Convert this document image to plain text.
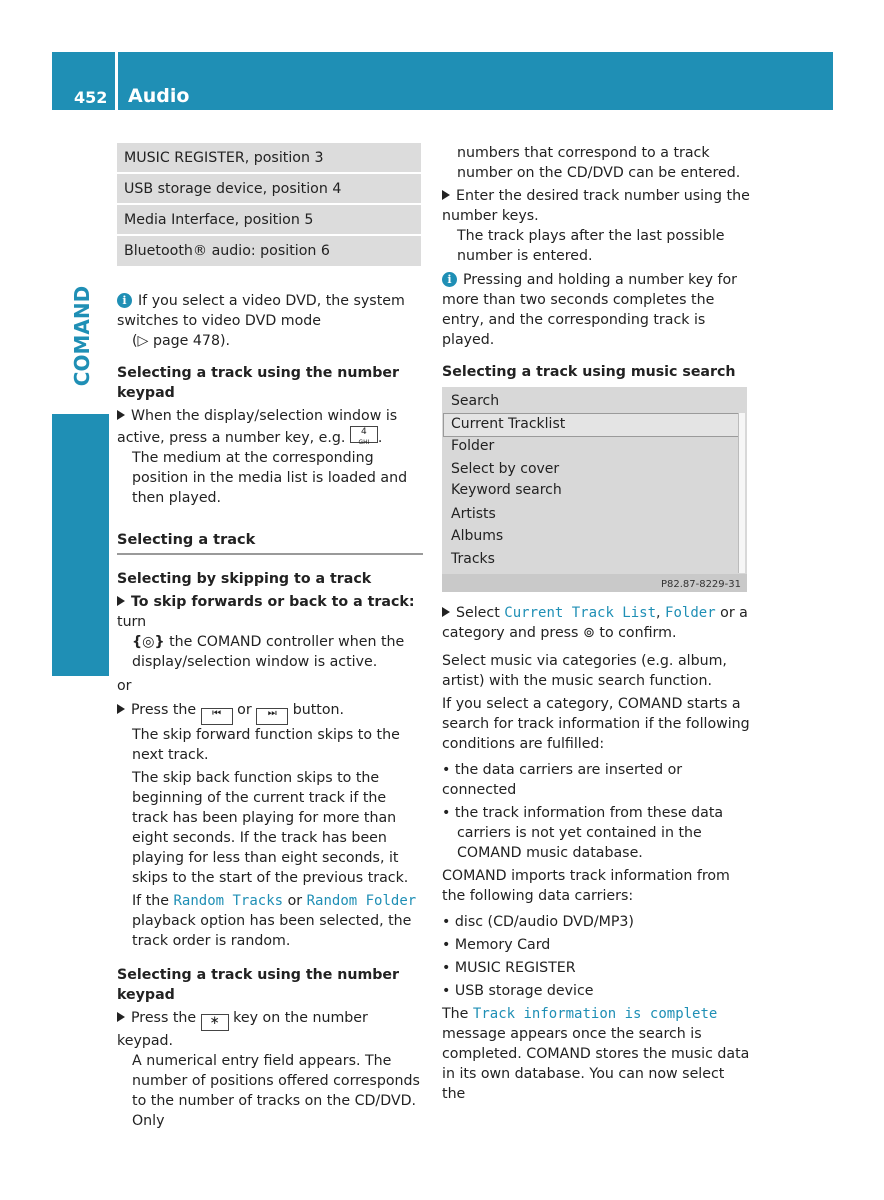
452 Audio
COMAND
MUSIC REGISTER, position 3
USB storage device, position 4
Media Interface, position 5
Bluetooth® audio: position 6

i If you select a video DVD, the system switches to video DVD mode

(▷ page 478).

Selecting a track using the number keypad

When the display/selection window is active, press a number key, e.g. 4
GHI .

The medium at the corresponding position in the media list is loaded and then played.

Selecting a track

Selecting by skipping to a track

To skip forwards or back to a track: turn

{◎} the COMAND controller when the display/selection window is active.

or

Press the ⏮ or ⏭ button.

The skip forward function skips to the next track.

The skip back function skips to the beginning of the current track if the track has been playing for more than eight seconds. If the track has been playing for less than eight seconds, it skips to the start of the previous track.

If the Random Tracks or Random Folder playback option has been selected, the track order is random.

Selecting a track using the number keypad

Press the ∗ key on the number keypad.

A numerical entry field appears. The number of positions offered corresponds to the number of tracks on the CD/DVD. Only

numbers that correspond to a track number on the CD/DVD can be entered.

Enter the desired track number using the number keys.

The track plays after the last possible number is entered.

i Pressing and holding a number key for more than two seconds completes the entry, and the corresponding track is played.

Selecting a track using music search

Search
Current Tracklist
Folder
Select by cover
Keyword search
Artists
Albums
Tracks
P82.87-8229-31

Select Current Track List, Folder or a category and press ⊚ to confirm.

Select music via categories (e.g. album, artist) with the music search function.

If you select a category, COMAND starts a search for track information if the following conditions are fulfilled:

• the data carriers are inserted or connected

• the track information from these data carriers is not yet contained in the COMAND music database.

COMAND imports track information from the following data carriers:

• disc (CD/audio DVD/MP3)

• Memory Card

• MUSIC REGISTER

• USB storage device

The Track information is complete message appears once the search is completed. COMAND stores the music data in its own database. You can now select the
